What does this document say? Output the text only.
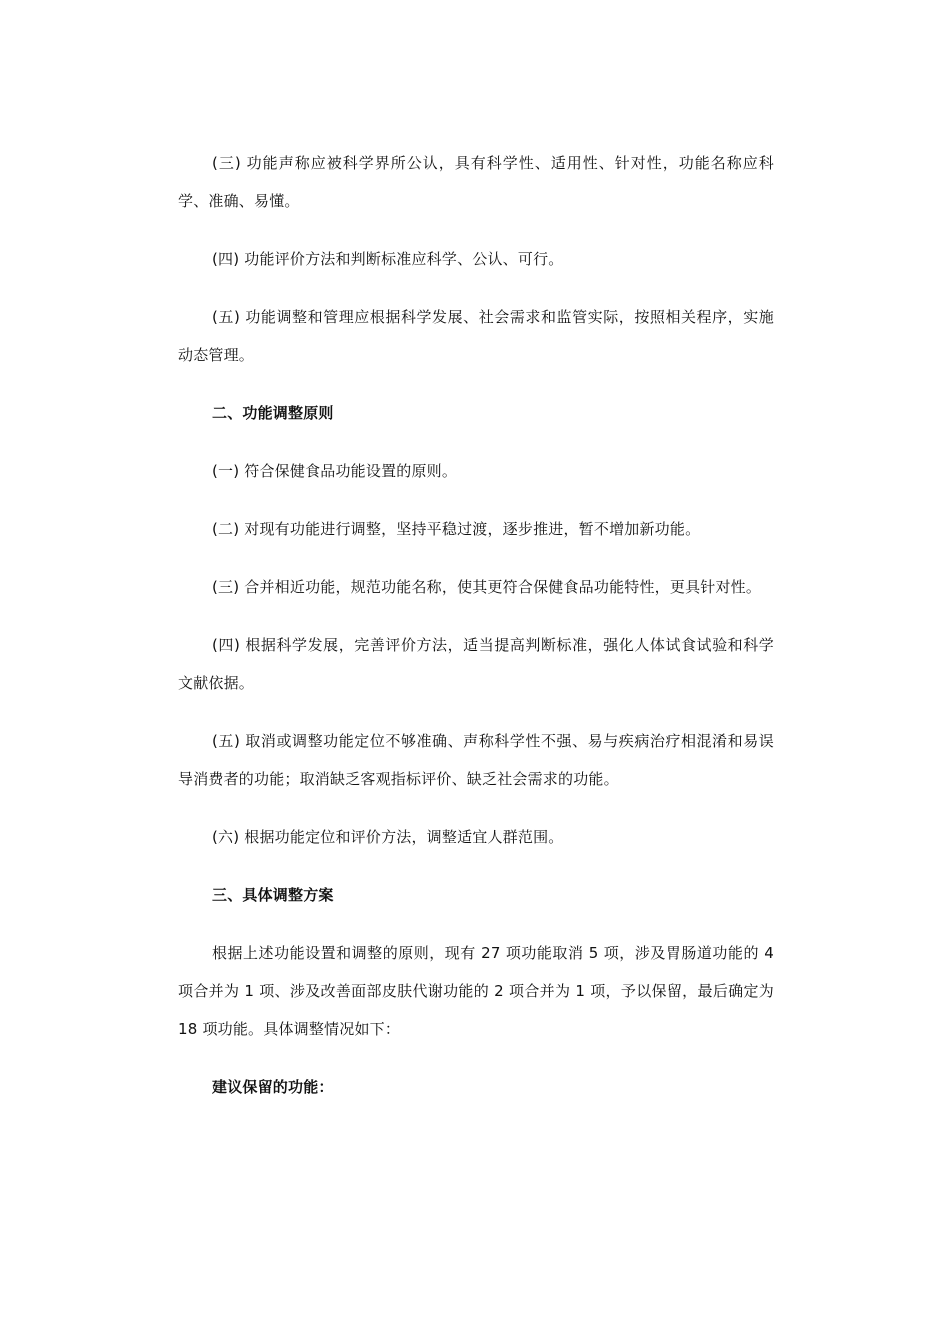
(三) 功能声称应被科学界所公认，具有科学性、适用性、针对性，功能名称应科学、准确、易懂。

(四) 功能评价方法和判断标准应科学、公认、可行。

(五) 功能调整和管理应根据科学发展、社会需求和监管实际，按照相关程序，实施动态管理。

二、功能调整原则

(一) 符合保健食品功能设置的原则。

(二) 对现有功能进行调整，坚持平稳过渡，逐步推进，暂不增加新功能。

(三) 合并相近功能，规范功能名称，使其更符合保健食品功能特性，更具针对性。

(四) 根据科学发展，完善评价方法，适当提高判断标准，强化人体试食试验和科学文献依据。

(五) 取消或调整功能定位不够准确、声称科学性不强、易与疾病治疗相混淆和易误导消费者的功能；取消缺乏客观指标评价、缺乏社会需求的功能。

(六) 根据功能定位和评价方法，调整适宜人群范围。

三、具体调整方案

根据上述功能设置和调整的原则，现有 27 项功能取消 5 项，涉及胃肠道功能的 4 项合并为 1 项、涉及改善面部皮肤代谢功能的 2 项合并为 1 项，予以保留，最后确定为 18 项功能。具体调整情况如下：

建议保留的功能：
